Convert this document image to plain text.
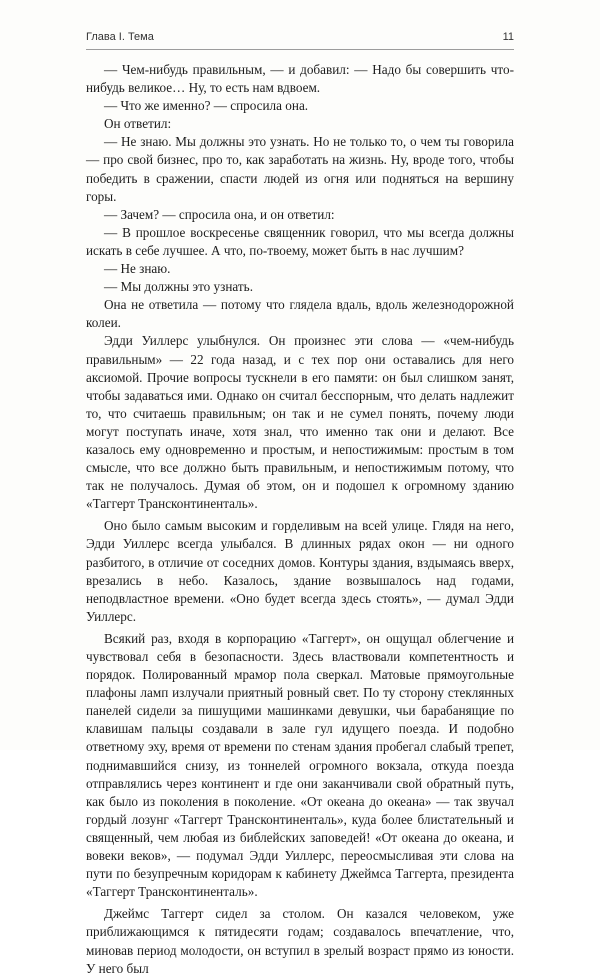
Глава I. Тема	11

— Чем-нибудь правильным, — и добавил: — Надо бы совершить что-нибудь великое… Ну, то есть нам вдвоем.

— Что же именно? — спросила она.

Он ответил:

— Не знаю. Мы должны это узнать. Но не только то, о чем ты говорила — про свой бизнес, про то, как заработать на жизнь. Ну, вроде того, чтобы победить в сражении, спасти людей из огня или подняться на вершину горы.

— Зачем? — спросила она, и он ответил:

— В прошлое воскресенье священник говорил, что мы всегда должны искать в себе лучшее. А что, по-твоему, может быть в нас лучшим?

— Не знаю.

— Мы должны это узнать.

Она не ответила — потому что глядела вдаль, вдоль железнодорожной колеи.

Эдди Уиллерс улыбнулся. Он произнес эти слова — «чем-нибудь правильным» — 22 года назад, и с тех пор они оставались для него аксиомой. Прочие вопросы тускнели в его памяти: он был слишком занят, чтобы задаваться ими. Однако он считал бесспорным, что делать надлежит то, что считаешь правильным; он так и не сумел понять, почему люди могут поступать иначе, хотя знал, что именно так они и делают. Все казалось ему одновременно и простым, и непостижимым: простым в том смысле, что все должно быть правильным, и непостижимым потому, что так не получалось. Думая об этом, он и подошел к огромному зданию «Таггерт Трансконтиненталь».

Оно было самым высоким и горделивым на всей улице. Глядя на него, Эдди Уиллерс всегда улыбался. В длинных рядах окон — ни одного разбитого, в отличие от соседних домов. Контуры здания, вздымаясь вверх, врезались в небо. Казалось, здание возвышалось над годами, неподвластное времени. «Оно будет всегда здесь стоять», — думал Эдди Уиллерс.

Всякий раз, входя в корпорацию «Таггерт», он ощущал облегчение и чувствовал себя в безопасности. Здесь властвовали компетентность и порядок. Полированный мрамор пола сверкал. Матовые прямоугольные плафоны ламп излучали приятный ровный свет. По ту сторону стеклянных панелей сидели за пишущими машинками девушки, чьи барабанящие по клавишам пальцы создавали в зале гул идущего поезда. И подобно ответному эху, время от времени по стенам здания пробегал слабый трепет, поднимавшийся снизу, из тоннелей огромного вокзала, откуда поезда отправлялись через континент и где они заканчивали свой обратный путь, как было из поколения в поколение. «От океана до океана» — так звучал гордый лозунг «Таггерт Трансконтиненталь», куда более блистательный и священный, чем любая из библейских заповедей! «От океана до океана, и вовеки веков», — подумал Эдди Уиллерс, переосмысливая эти слова на пути по безупречным коридорам к кабинету Джеймса Таггерта, президента «Таггерт Трансконтиненталь».

Джеймс Таггерт сидел за столом. Он казался человеком, уже приближающимся к пятидесяти годам; создавалось впечатление, что, миновав период молодости, он вступил в зрелый возраст прямо из юности. У него был
